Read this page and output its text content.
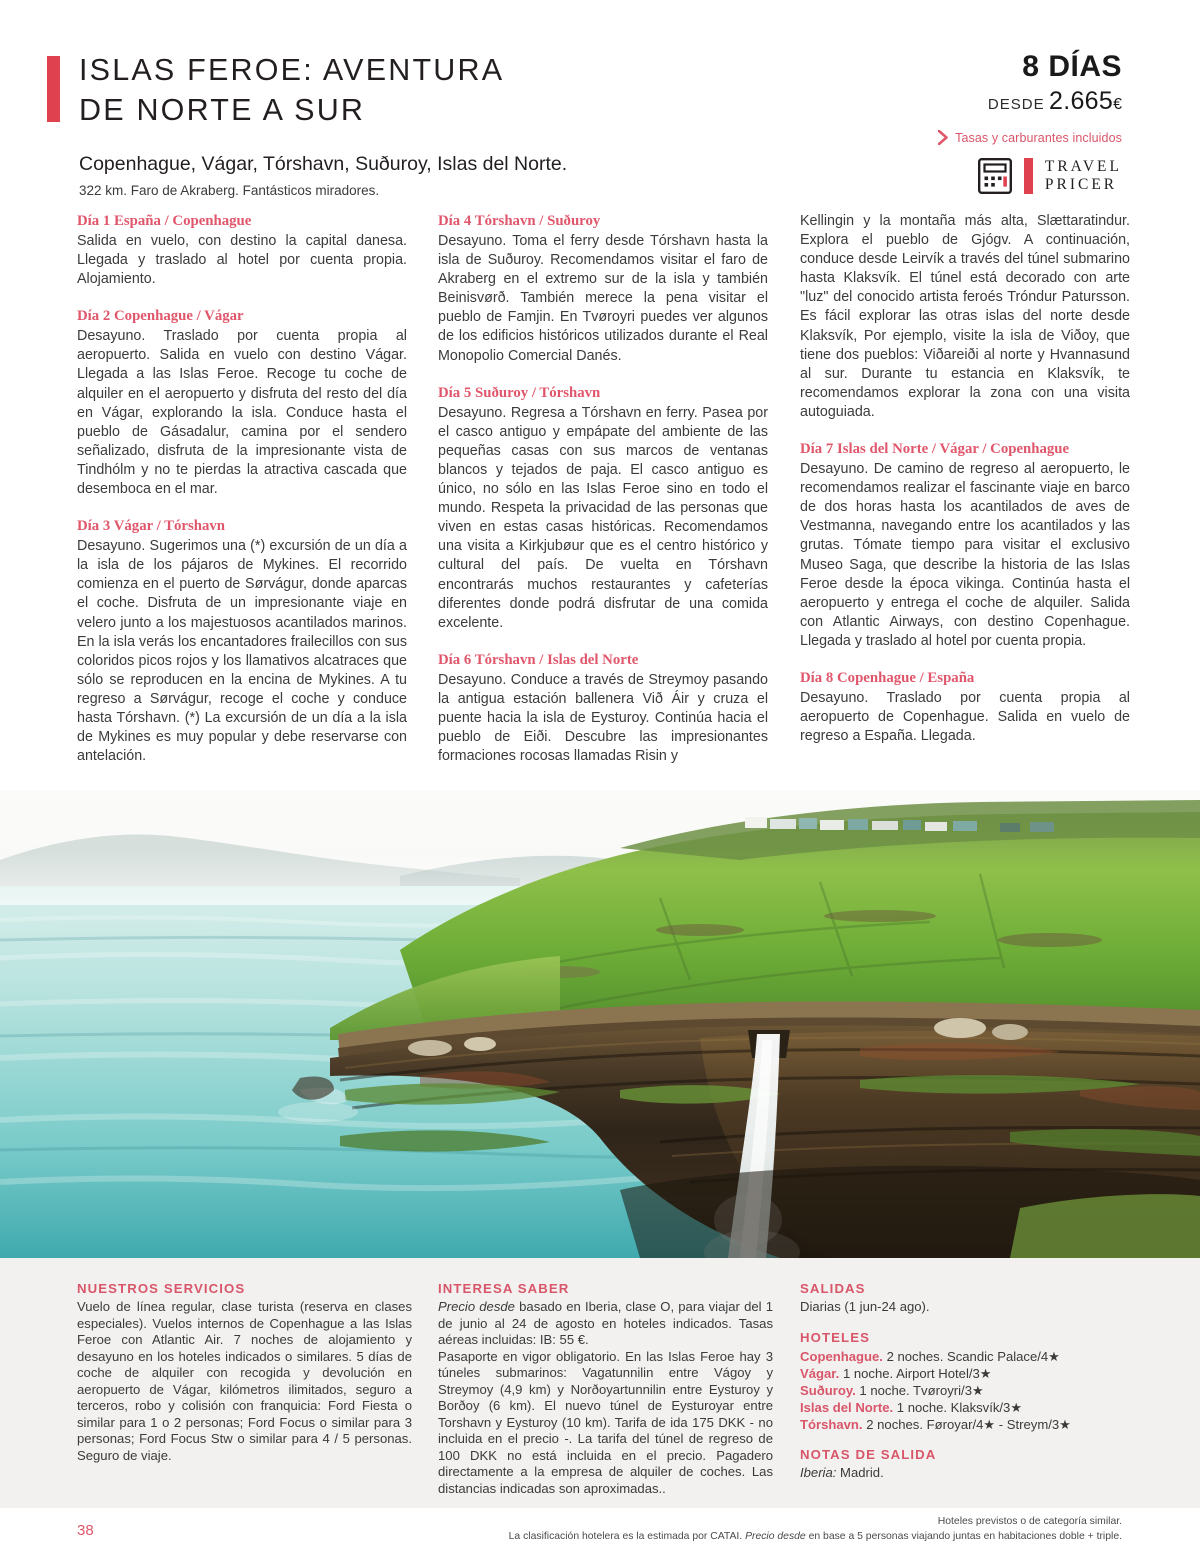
ISLAS FEROE: AVENTURA
DE NORTE A SUR
Copenhague, Vágar, Tórshavn, Suðuroy, Islas del Norte.
322 km. Faro de Akraberg. Fantásticos miradores.
8 DÍAS
DESDE 2.665€
Tasas y carburantes incluidos
TRAVEL
PRICER
Día 1 España / Copenhague
Salida en vuelo, con destino la capital danesa. Llegada y traslado al hotel por cuenta propia. Alojamiento.
Día 2 Copenhague / Vágar
Desayuno. Traslado por cuenta propia al aeropuerto. Salida en vuelo con destino Vágar. Llegada a las Islas Feroe. Recoge tu coche de alquiler en el aeropuerto y disfruta del resto del día en Vágar, explorando la isla. Conduce hasta el pueblo de Gásadalur, camina por el sendero señalizado, disfruta de la impresionante vista de Tindhólm y no te pierdas la atractiva cascada que desemboca en el mar.
Día 3 Vágar / Tórshavn
Desayuno. Sugerimos una (*) excursión de un día a la isla de los pájaros de Mykines. El recorrido comienza en el puerto de Sørvágur, donde aparcas el coche. Disfruta de un impresionante viaje en velero junto a los majestuosos acantilados marinos. En la isla verás los encantadores frailecillos con sus coloridos picos rojos y los llamativos alcatraces que sólo se reproducen en la encina de Mykines. A tu regreso a Sørvágur, recoge el coche y conduce hasta Tórshavn. (*) La excursión de un día a la isla de Mykines es muy popular y debe reservarse con antelación.
Día 4 Tórshavn / Suðuroy
Desayuno. Toma el ferry desde Tórshavn hasta la isla de Suðuroy. Recomendamos visitar el faro de Akraberg en el extremo sur de la isla y también Beinisvørð. También merece la pena visitar el pueblo de Famjin. En Tvøroyri puedes ver algunos de los edificios históricos utilizados durante el Real Monopolio Comercial Danés.
Día 5 Suðuroy / Tórshavn
Desayuno. Regresa a Tórshavn en ferry. Pasea por el casco antiguo y empápate del ambiente de las pequeñas casas con sus marcos de ventanas blancos y tejados de paja. El casco antiguo es único, no sólo en las Islas Feroe sino en todo el mundo. Respeta la privacidad de las personas que viven en estas casas históricas. Recomendamos una visita a Kirkjubøur que es el centro histórico y cultural del país. De vuelta en Tórshavn encontrarás muchos restaurantes y cafeterías diferentes donde podrá disfrutar de una comida excelente.
Día 6 Tórshavn / Islas del Norte
Desayuno. Conduce a través de Streymoy pasando la antigua estación ballenera Við Áir y cruza el puente hacia la isla de Eysturoy. Continúa hacia el pueblo de Eiði. Descubre las impresionantes formaciones rocosas llamadas Risin y
Kellingin y la montaña más alta, Slættaratindur. Explora el pueblo de Gjógv. A continuación, conduce desde Leirvík a través del túnel submarino hasta Klaksvík. El túnel está decorado con arte "luz" del conocido artista feroés Tróndur Patursson. Es fácil explorar las otras islas del norte desde Klaksvík, Por ejemplo, visite la isla de Viðoy, que tiene dos pueblos: Viðareiði al norte y Hvannasund al sur. Durante tu estancia en Klaksvík, te recomendamos explorar la zona con una visita autoguiada.
Día 7 Islas del Norte / Vágar / Copenhague
Desayuno. De camino de regreso al aeropuerto, le recomendamos realizar el fascinante viaje en barco de dos horas hasta los acantilados de aves de Vestmanna, navegando entre los acantilados y las grutas. Tómate tiempo para visitar el exclusivo Museo Saga, que describe la historia de las Islas Feroe desde la época vikinga. Continúa hasta el aeropuerto y entrega el coche de alquiler. Salida con Atlantic Airways, con destino Copenhague. Llegada y traslado al hotel por cuenta propia.
Día 8 Copenhague / España
Desayuno. Traslado por cuenta propia al aeropuerto de Copenhague. Salida en vuelo de regreso a España. Llegada.
NUESTROS SERVICIOS
Vuelo de línea regular, clase turista (reserva en clases especiales). Vuelos internos de Copenhague a las Islas Feroe con Atlantic Air. 7 noches de alojamiento y desayuno en los hoteles indicados o similares. 5 días de coche de alquiler con recogida y devolución en aeropuerto de Vágar, kilómetros ilimitados, seguro a terceros, robo y colisión con franquicia: Ford Fiesta o similar para 1 o 2 personas; Ford Focus o similar para 3 personas; Ford Focus Stw o similar para 4 / 5 personas. Seguro de viaje.
INTERESA SABER
Precio desde basado en Iberia, clase O, para viajar del 1 de junio al 24 de agosto en hoteles indicados. Tasas aéreas incluidas: IB: 55 €.
Pasaporte en vigor obligatorio. En las Islas Feroe hay 3 túneles submarinos: Vagatunnilin entre Vágoy y Streymoy (4,9 km) y Norðoyartunnilin entre Eysturoy y Borðoy (6 km). El nuevo túnel de Eysturoyar entre Torshavn y Eysturoy (10 km). Tarifa de ida 175 DKK - no incluida en el precio -. La tarifa del túnel de regreso de 100 DKK no está incluida en el precio. Pagadero directamente a la empresa de alquiler de coches. Las distancias indicadas son aproximadas..
SALIDAS
Diarias (1 jun-24 ago).
HOTELES
Copenhague. 2 noches. Scandic Palace/4★
Vágar. 1 noche. Airport Hotel/3★
Suðuroy. 1 noche. Tvøroyri/3★
Islas del Norte. 1 noche. Klaksvík/3★
Tórshavn. 2 noches. Føroyar/4★ - Streym/3★
NOTAS DE SALIDA
Iberia: Madrid.
38
Hoteles previstos o de categoría similar.
La clasificación hotelera es la estimada por CATAI. Precio desde en base a 5 personas viajando juntas en habitaciones doble + triple.
